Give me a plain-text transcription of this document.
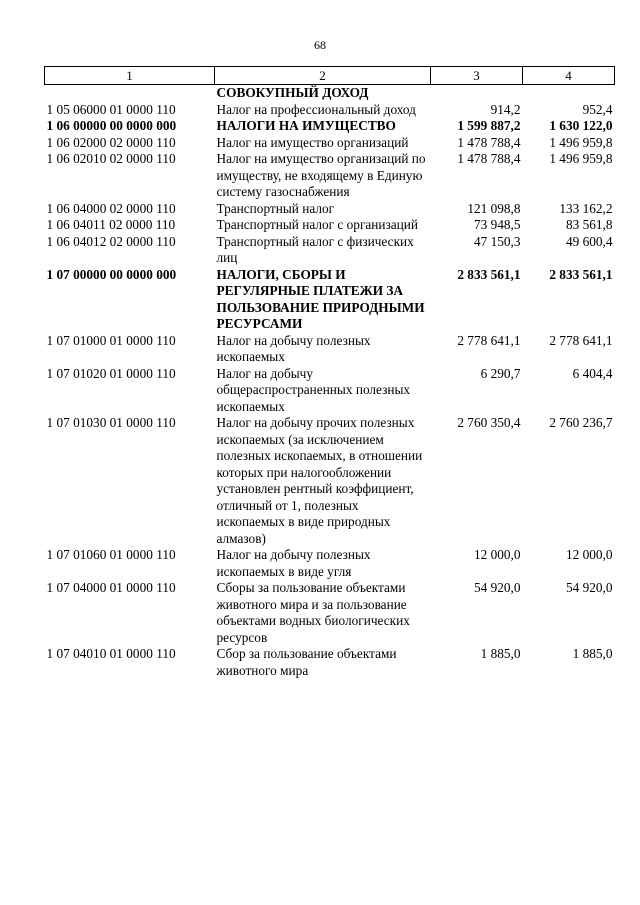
68
1	2	3	4
	СОВОКУПНЫЙ ДОХОД		
1 05 06000 01 0000 110	Налог на профессиональный доход	914,2	952,4
1 06 00000 00 0000 000	НАЛОГИ НА ИМУЩЕСТВО	1 599 887,2	1 630 122,0
1 06 02000 02 0000 110	Налог на имущество организаций	1 478 788,4	1 496 959,8
1 06 02010 02 0000 110	Налог на имущество организаций по имуществу, не входящему в Единую систему газоснабжения	1 478 788,4	1 496 959,8
1 06 04000 02 0000 110	Транспортный налог	121 098,8	133 162,2
1 06 04011 02 0000 110	Транспортный налог с организаций	73 948,5	83 561,8
1 06 04012 02 0000 110	Транспортный налог с физических лиц	47 150,3	49 600,4
1 07 00000 00 0000 000	НАЛОГИ, СБОРЫ И РЕГУЛЯРНЫЕ ПЛАТЕЖИ ЗА ПОЛЬЗОВАНИЕ ПРИРОДНЫМИ РЕСУРСАМИ	2 833 561,1	2 833 561,1
1 07 01000 01 0000 110	Налог на добычу полезных ископаемых	2 778 641,1	2 778 641,1
1 07 01020 01 0000 110	Налог на добычу общераспространенных полезных ископаемых	6 290,7	6 404,4
1 07 01030 01 0000 110	Налог на добычу прочих полезных ископаемых (за исключением полезных ископаемых, в отношении которых при налогообложении установлен рентный коэффициент, отличный от 1, полезных ископаемых в виде природных алмазов)	2 760 350,4	2 760 236,7
1 07 01060 01 0000 110	Налог на добычу полезных ископаемых в виде угля	12 000,0	12 000,0
1 07 04000 01 0000 110	Сборы за пользование объектами животного мира и за пользование объектами водных биологических ресурсов	54 920,0	54 920,0
1 07 04010 01 0000 110	Сбор за пользование объектами животного мира	1 885,0	1 885,0
